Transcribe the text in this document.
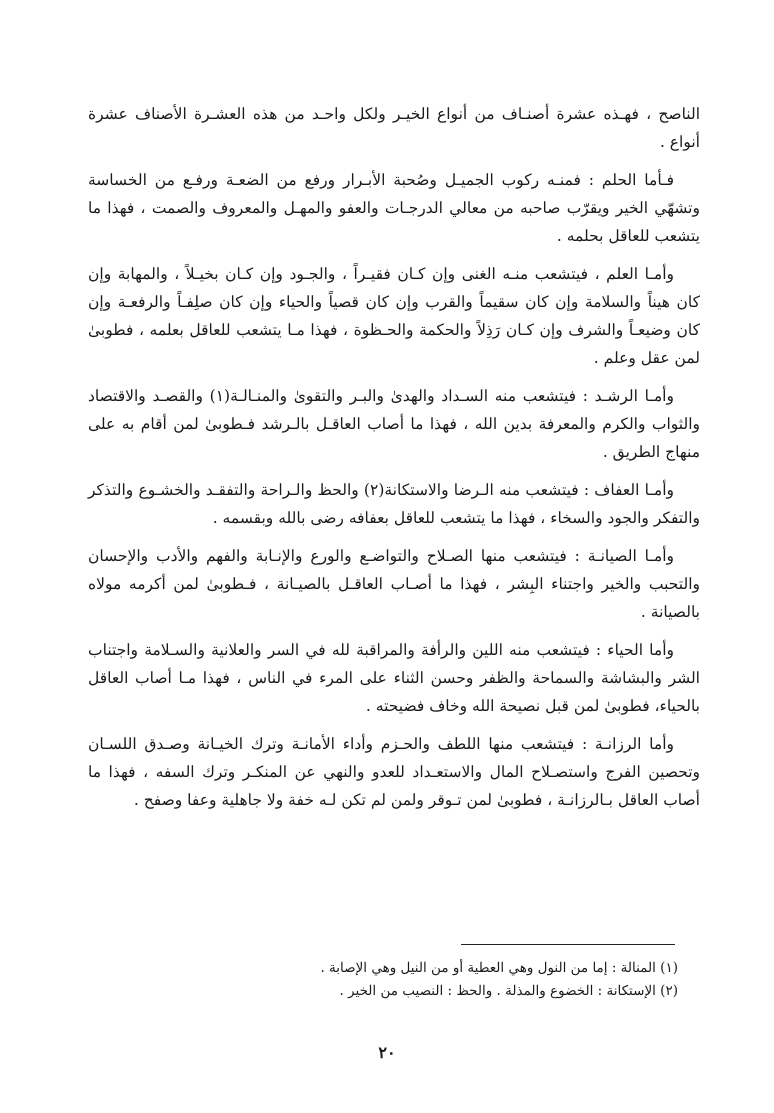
الناصح ، فهـذه عشرة أصنـاف من أنواع الخيـر ولكل واحـد من هذه العشـرة الأصناف عشرة أنواع .

فـأما الحلم : فمنـه ركوب الجميـل وصُحبة الأبـرار ورفع من الضعـة ورفـع من الخساسة وتشهّي الخير ويقرّب صاحبه من معالي الدرجـات والعفو والمهـل والمعروف والصمت ، فهذا ما يتشعب للعاقل بحلمه .

وأمـا العلم ، فيتشعب منـه الغنى وإن كـان فقيـراً ، والجـود وإن كـان بخيـلاً ، والمهابة وإن كان هيناً والسلامة وإن كان سقيماً والقرب وإن كان قصياً والحياء وإن كان صلِفـاً والرفعـة وإن كان وضيعـاً والشرف وإن كـان رَذِلاً والحكمة والحـظوة ، فهذا مـا يتشعب للعاقل بعلمه ، فطوبىٰ لمن عقل وعلم .

وأمـا الرشـد : فيتشعب منه السـداد والهدىٰ والبـر والتقوىٰ والمنـالـة(١) والقصـد والاقتصاد والثواب والكرم والمعرفة بدين الله ، فهذا ما أصاب العاقـل بالـرشد فـطوبىٰ لمن أقام به على منهاج الطريق .

وأمـا العفاف : فيتشعب منه الـرضا والاستكانة(٢) والحظ والـراحة والتفقـد والخشـوع والتذكر والتفكر والجود والسخاء ، فهذا ما يتشعب للعاقل بعفافه رضى بالله وبقسمه .

وأمـا الصيانـة : فيتشعب منها الصـلاح والتواضـع والورع والإنـابة والفهم والأدب والإحسان والتحبب والخير واجتناء البِشر ، فهذا ما أصـاب العاقـل بالصيـانة ، فـطوبىٰ لمن أكرمه مولاه بالصيانة .

وأما الحياء : فيتشعب منه اللين والرأفة والمراقبة لله في السر والعلانية والسـلامة واجتناب الشر والبشاشة والسماحة والظفر وحسن الثناء على المرء في الناس ، فهذا مـا أصاب العاقل بالحياء، فطوبىٰ لمن قبل نصيحة الله وخاف فضيحته .

وأما الرزانـة : فيتشعب منها اللطف والحـزم وأداء الأمانـة وترك الخيـانة وصـدق اللسـان وتحصين الفرج واستصـلاح المال والاستعـداد للعدو والنهي عن المنكـر وترك السفه ، فهذا ما أصاب العاقل بـالرزانـة ، فطوبىٰ لمن تـوقر ولمن لم تكن لـه خفة ولا جاهلية وعفا وصفح .

(١) المنالة : إما من النول وهي العطية أو من النيل وهي الإصابة .

(٢) الإستكانة : الخضوع والمذلة . والحظ : النصيب من الخير .

٢٠
